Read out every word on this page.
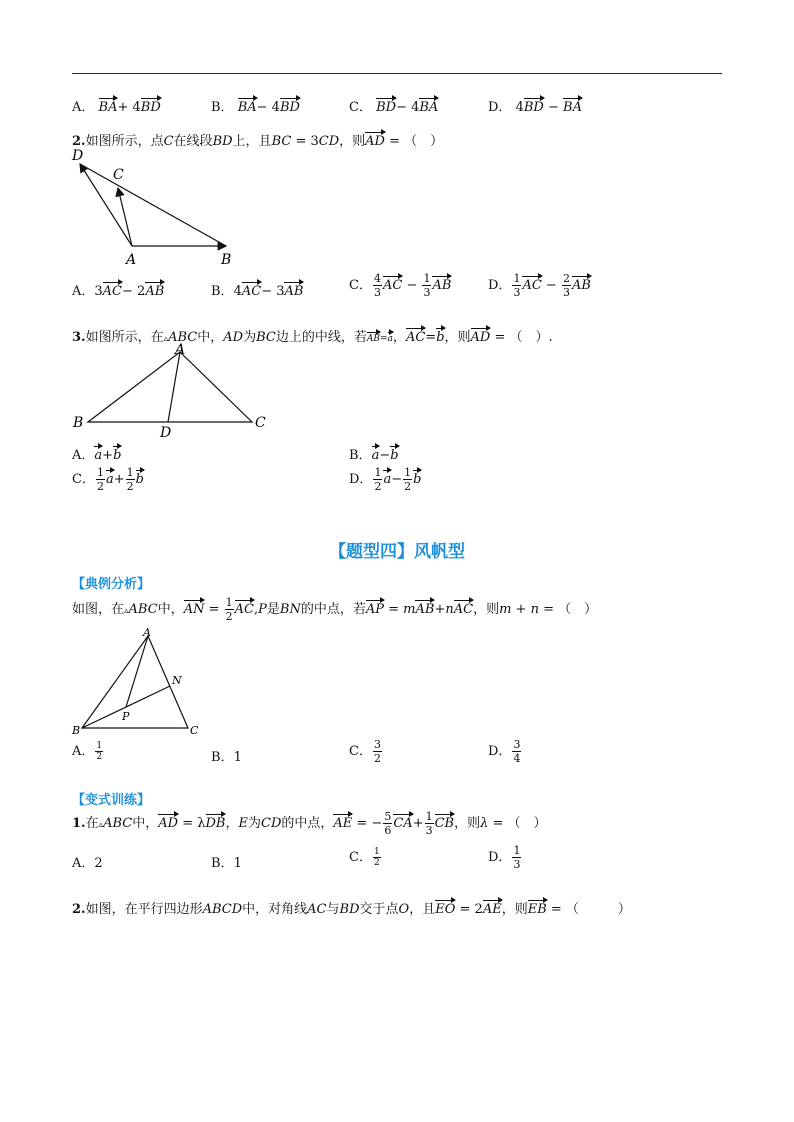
A． BA+ 4BD	B． BA− 4BD	C． BD− 4BA	D． 4BD − BA
2.如图所示，点C在线段BD上，且BC = 3CD，则AD = （　）
D
C
A	B
A．3AC− 2AB	B．4AC− 3AB	C． $\frac{4}{3}$ AC − $\frac{1}{3}$ AB	D． $\frac{1}{3}$ AC − $\frac{2}{3}$ AB
3.如图所示，在▵ABC中，AD为BC边上的中线，若AB=a，AC=b，则AD = （　）.
A
B	C
D
A．a+b	B．a−b
C． $\frac{1}{2} a+ \frac{1}{2}$ b	D． $\frac{1}{2} a- \frac{1}{2}$ b
【题型四】风帆型
【典例分析】
如图，在▵ABC中，AN = $\frac{1}{2} AC,P$是BN的中点，若AP = mAB+nAC，则m + n = （　）
A
N
P
B	C
A． $\frac{1}{2}$	B．1	C． $\frac{3}{2}$	D． $\frac{3}{4}$
【变式训练】
1.在▵ABC中，AD = λDB，E为CD的中点，AE = − $\frac{5}{6} CA+ \frac{1}{3}$ CB，则λ = （　）
A．2	B．1	C． $\frac{1}{2}$	D． $\frac{1}{3}$
2.如图，在平行四边形ABCD中，对角线AC与BD交于点O，且EO = 2AE，则EB = （　　　）
